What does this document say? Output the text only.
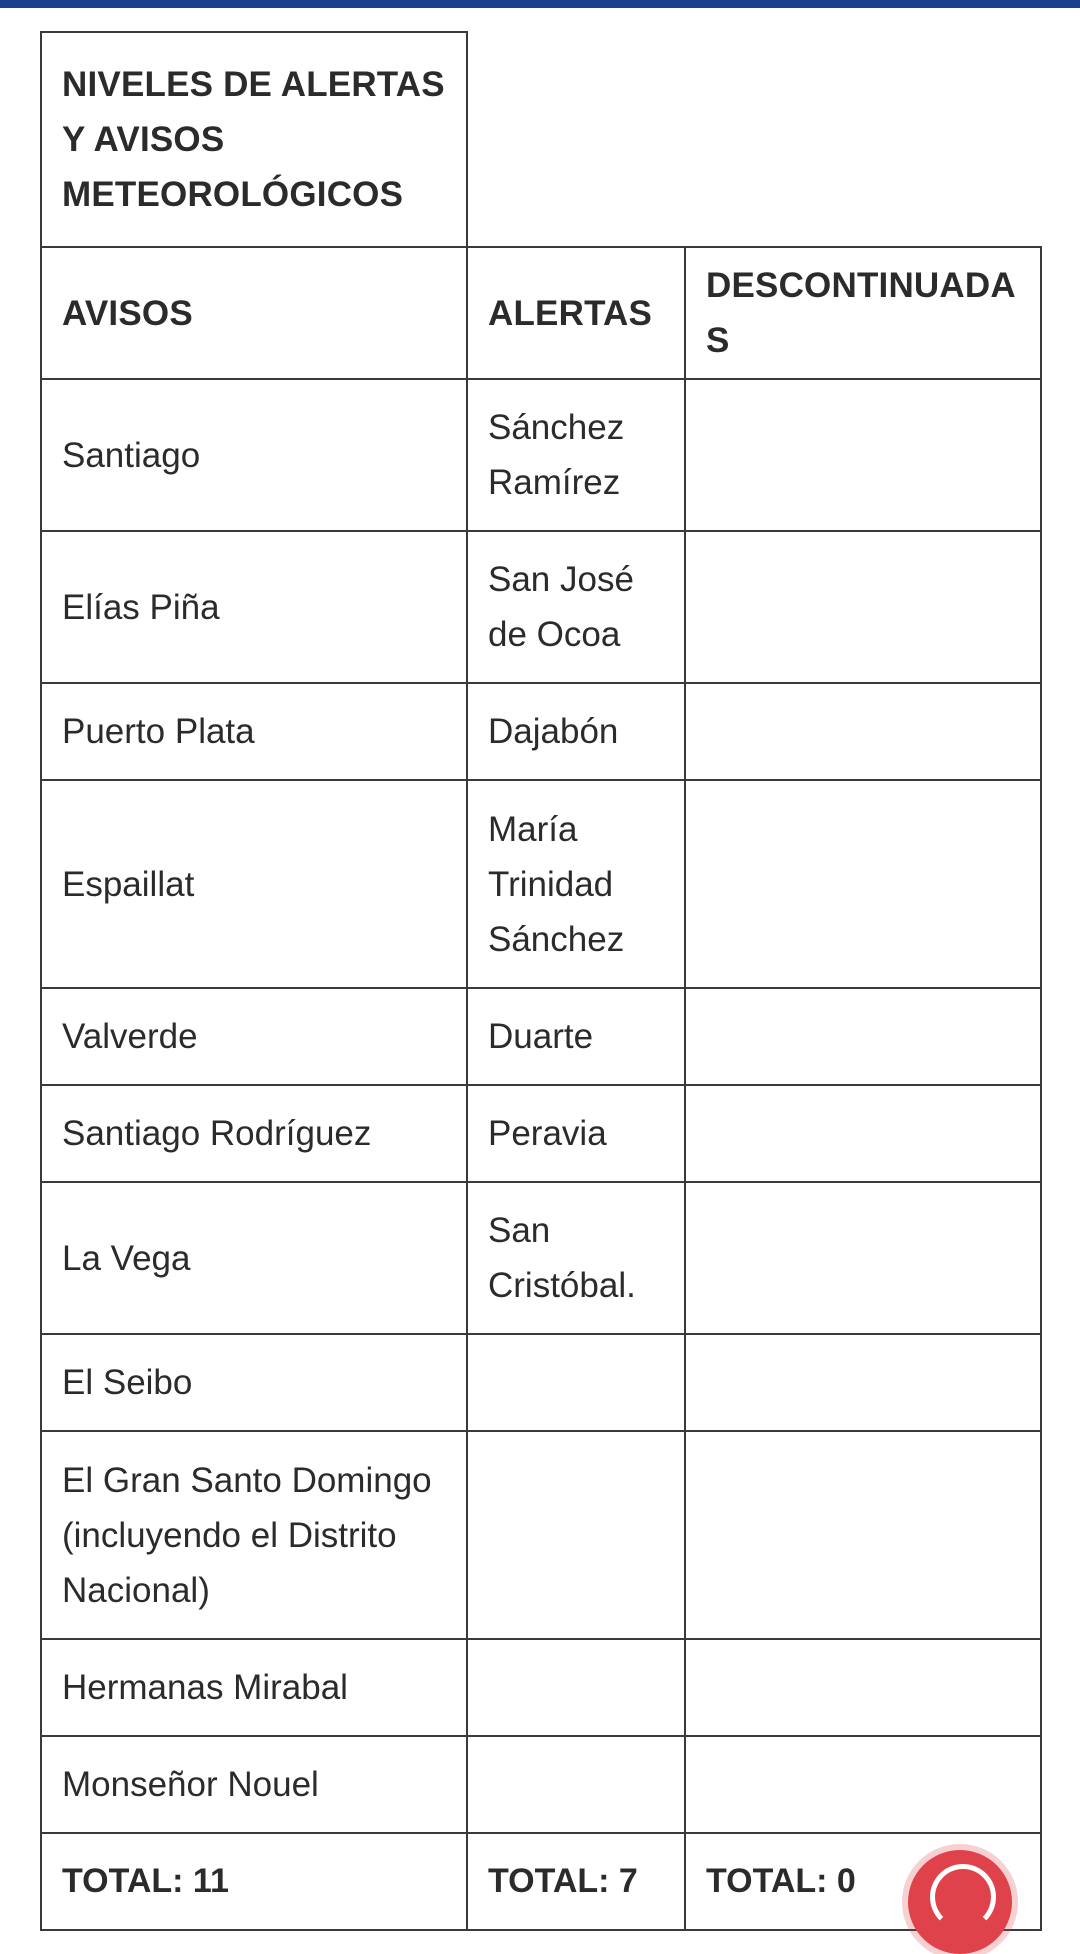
NIVELES DE ALERTAS Y AVISOS METEOROLÓGICOS		
AVISOS	ALERTAS	DESCONTINUADAS
Santiago	Sánchez Ramírez	
Elías Piña	San José de Ocoa	
Puerto Plata	Dajabón	
Espaillat	María Trinidad Sánchez	
Valverde	Duarte	
Santiago Rodríguez	Peravia	
La Vega	San Cristóbal.	
El Seibo		
El Gran Santo Domingo (incluyendo el Distrito Nacional)		
Hermanas Mirabal		
Monseñor Nouel		
TOTAL: 11	TOTAL: 7	TOTAL: 0
